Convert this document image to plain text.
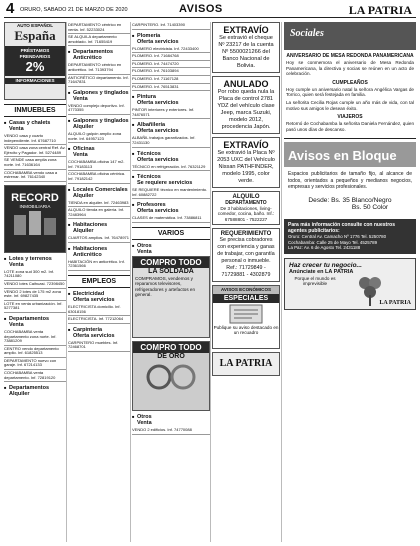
4 ORURO, SABADO 21 DE MARZO DE 2020	AVISOS	LA PATRIA
AUTO ESPAÑOL
España
PRÉSTAMOS
PRENDARIOS
2%
INFORMACIONES
INMUEBLES
■ Casas y chalets
Venta
VENDO casa y cuarto independiente. Inf. 67687710
VENDO casa zona central Ref. Av. Ejército y Pagador. Inf. 5274489
SE VENDE casa amplia zona norte. Inf. 71636164
COCHABAMBA vendo casa a estrenar. Inf. 76142340
RECORD
INMOBILIARIA
■ Lotes y terrenos
Venta
LOTE zona sud 300 m2. Inf. 74211080
VENDO lotes Caihuasi. 72398450
VENDO 2 lotes de 175 m2 zona este. Inf. 69827435
LOTE en venta urbanización. Inf. 5277381
■ Departamentos
Venta
COCHABAMBA venta departamento zona norte. Inf. 73881209
CENTRO vendo departamento amplio. Inf. 61825513
DEPARTAMENTO nuevo con garaje. Inf. 67214133
COCHABAMBA venta departamento. Inf. 72819120
■ Departamentos
Alquiler
DEPARTAMENTO céntrico en venta. Inf. 52233024
SE ALQUILA departamento amoblado. Inf. 71655419
■ Departamentos
Anticrético
DEPARTAMENTO céntrico en anticrético. Inf. 71393794
ANTICRÉTICO departamento. Inf. 71647831
■ Galpones y tinglados
Venta
VENDO complejo deportivo. Inf. 4773355
■ Galpones y tinglados
Alquiler
ALQUILO galpón amplio zona norte. Inf. 64957123
■ Oficinas
Venta
COCHABAMBA oficina 147 m2. Inf. 79183113
COCHABAMBA oficina céntrica. Inf. 79182142
■ Locales Comerciales
Alquiler
TIENDA en alquiler. Inf. 72463983
ALQUILO tienda en galería. Inf. 72483964
■ Habitaciones
Alquiler
CUARTOS amplios. Inf. 76478971
■ Habitaciones
Anticrético
HABITACIÓN en anticrético. Inf. 72361566
EMPLEOS
■ Electricidad
Oferta servicios
ELECTRICISTA domicilio. Inf. 63018156
ELECTRICISTA. Inf. 77212064
■ Carpintería
Oferta servicios
CARPINTERO muebles. Inf. 72468701
CARPINTERO. Inf. 71403390
■ Plomería
Oferta servicios
PLOMERO electricista. Inf. 72433400
PLOMERO. Inf. 71684768
PLOMERO. Inf. 74474720
PLOMERO. Inf. 76103894
PLOMERO. Inf. 71167128
PLOMERO. Inf. 76513831
■ Pintura
Oferta servicios
PINTOR interiores y exteriores. Inf. 74876571
■ Albañilería
Oferta servicios
ALBAÑIL trabajos garantizados. Inf. 72431130
■ Técnicos
Oferta servicios
TÉCNICO en refrigeración. Inf. 76321129
■ Técnicos
Se requiere servicios
SE REQUIERE técnico en mantenimiento. Inf. 60882722
■ Profesores
Oferta servicios
CLASES de matemática. Inf. 73886811
VARIOS
■ Otros
Venta
COMPRO TODO
LA SOLDADA
COMPRAMOS, vendemos y reparamos televisores, refrigeradores y artefactos en general.
COMPRO TODO
DE ORO
■ Otros
Venta
VENDO 2 edificios. Inf. 74770088
EXTRAVÍO
Se extravió el cheque Nº 23217 de la cuenta Nº 5500021266 del Banco Nacional de Bolivia.
ANULADO
Por robo queda nula la Placa de control 2781 YDZ del vehículo clase Jeep, marca Suzuki, modelo 2012, procedencia Japón.
EXTRAVÍO
Se extravió la Placa Nº 2053 UXC del Vehículo Nissan PATHFINDER, modelo 1995, color verde.
ALQUILO
DEPARTAMENTO
De 3 habitaciones, living-comedor, cocina, baño. Inf.: 67588801 - 7522227
REQUERIMIENTO
Se precisa cobradores con experiencia y ganas de trabajar, con garantía personal o inmueble. Ref.: 71729849 - 71729881 - 4302879
AVISOS ECONÓMICOS
ESPECIALES
Publique su aviso destacado en un recuadro
LA PATRIA
Sociales
ANIVERSARIO DE MESA REDONDA PANAMERICANA

Hoy se conmemora el aniversario de Mesa Redonda Panamericana, la directiva y socias se reúnen en un acto de celebración.

CUMPLEAÑOS

Hoy cumple un aniversario natal la señora Angélica Vargas de Torrico, quien será festejada en familia.

La señorita Cecilia Rojas cumple un año más de vida, con tal motivo sus amigos le desean éxito.

VIAJEROS

Retornó de Cochabamba la señorita Daniela Fernández, quien pasó unos días de descanso.

Avisos en Bloque
Espacios publicitarios de tamaño fijo, al alcance de todos, orientados a pequeños y medianos negocios, empresas y servicios profesionales.
Desde: Bs. 35 Blanco/Negro
Bs. 50 Color
Para más información consulte con nuestros agentes publicitarios:
Oruro: Central Av. Camacho Nº 1776 Tel. 5250780
Cochabamba: Calle 25 de Mayo Tel. 4525789
La Paz: Av. 6 de Agosto Tel. 2431188
Haz crecer tu negocio...
Anúnciate en LA PATRIA
Porque el mundo es imprevisible
LA PATRIA
